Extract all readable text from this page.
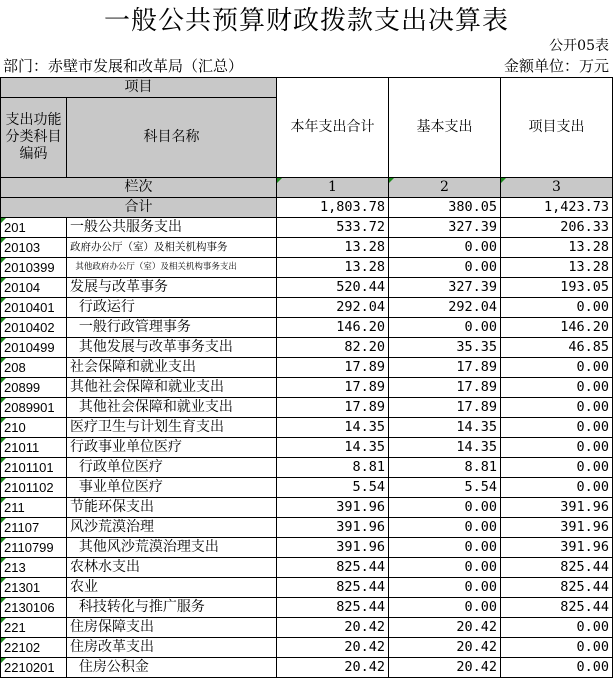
一般公共预算财政拨款支出决算表
公开05表
部门：赤壁市发展和改革局（汇总）	金额单位：万元
项目		本年支出合计	基本支出	项目支出
支出功能分类科目编码	科目名称			

栏次		1	2	3
合计		1,803.78	380.05	1,423.73
201	一般公共服务支出	533.72	327.39	206.33
20103	政府办公厅（室）及相关机构事务	13.28	0.00	13.28
2010399	其他政府办公厅（室）及相关机构事务支出	13.28	0.00	13.28
20104	发展与改革事务	520.44	327.39	193.05
2010401	行政运行	292.04	292.04	0.00
2010402	一般行政管理事务	146.20	0.00	146.20
2010499	其他发展与改革事务支出	82.20	35.35	46.85
208	社会保障和就业支出	17.89	17.89	0.00
20899	其他社会保障和就业支出	17.89	17.89	0.00
2089901	其他社会保障和就业支出	17.89	17.89	0.00
210	医疗卫生与计划生育支出	14.35	14.35	0.00
21011	行政事业单位医疗	14.35	14.35	0.00
2101101	行政单位医疗	8.81	8.81	0.00
2101102	事业单位医疗	5.54	5.54	0.00
211	节能环保支出	391.96	0.00	391.96
21107	风沙荒漠治理	391.96	0.00	391.96
2110799	其他风沙荒漠治理支出	391.96	0.00	391.96
213	农林水支出	825.44	0.00	825.44
21301	农业	825.44	0.00	825.44
2130106	科技转化与推广服务	825.44	0.00	825.44
221	住房保障支出	20.42	20.42	0.00
22102	住房改革支出	20.42	20.42	0.00
2210201	住房公积金	20.42	20.42	0.00
